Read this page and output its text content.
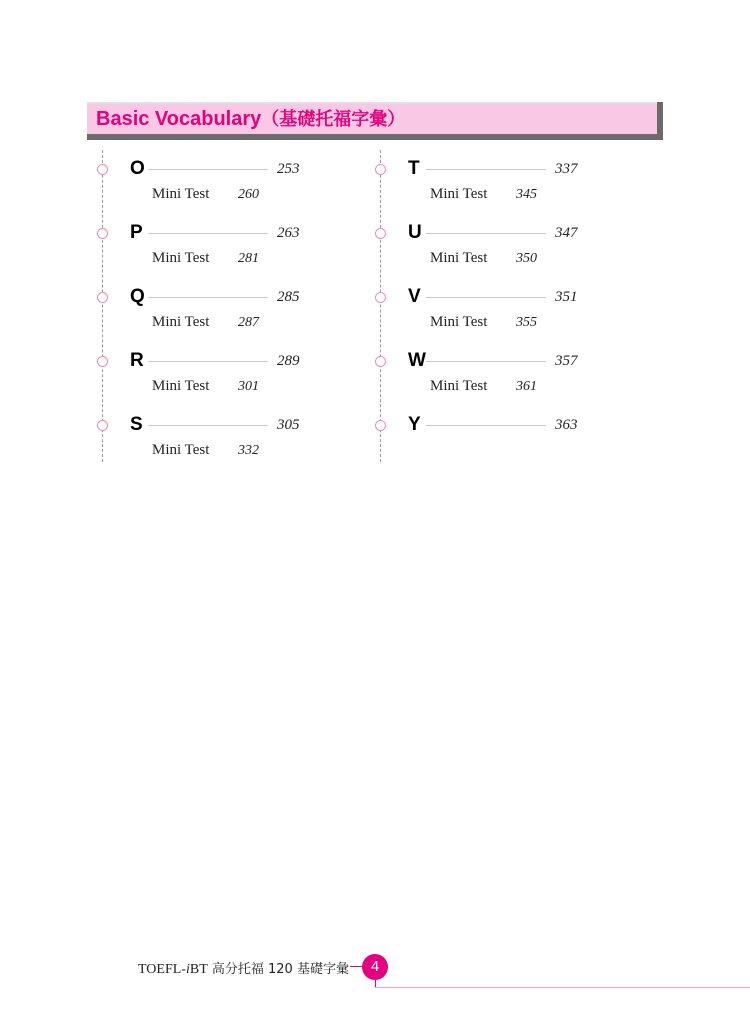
Basic Vocabulary（基礎托福字彙）
O	253
Mini Test 260
P	263
Mini Test 281
Q	285
Mini Test 287
R	289
Mini Test 301
S	305
Mini Test 332
T	337
Mini Test 345
U	347
Mini Test 350
V	351
Mini Test 355
W	357
Mini Test 361
Y	363
TOEFL-iBT 高分托福 120 基礎字彙	4
